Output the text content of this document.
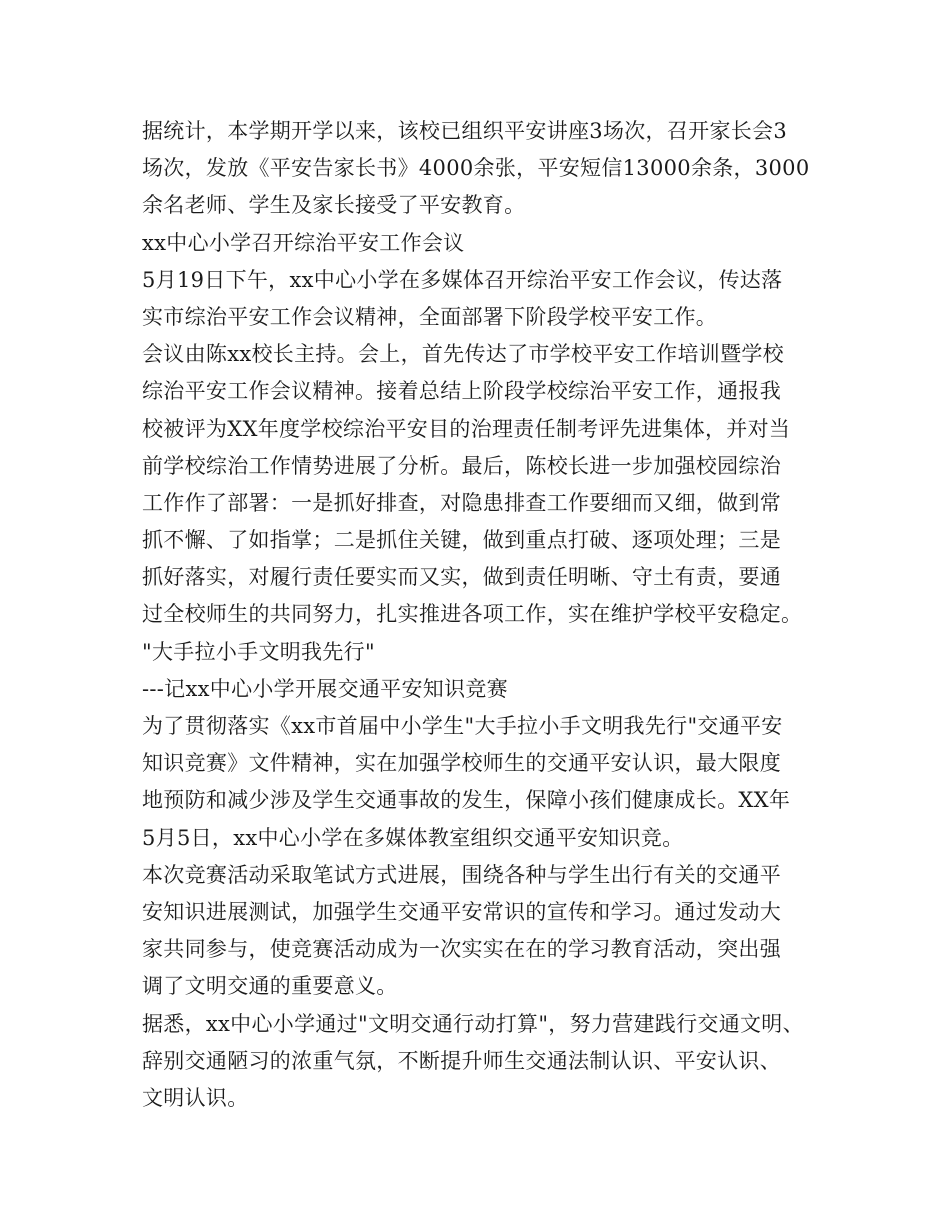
据统计，本学期开学以来，该校已组织平安讲座3场次，召开家长会3
场次，发放《平安告家长书》4000余张，平安短信13000余条，3000
余名老师、学生及家长接受了平安教育。
xx中心小学召开综治平安工作会议
5月19日下午，xx中心小学在多媒体召开综治平安工作会议，传达落
实市综治平安工作会议精神，全面部署下阶段学校平安工作。
会议由陈xx校长主持。会上，首先传达了市学校平安工作培训暨学校
综治平安工作会议精神。接着总结上阶段学校综治平安工作，通报我
校被评为XX年度学校综治平安目的治理责任制考评先进集体，并对当
前学校综治工作情势进展了分析。最后，陈校长进一步加强校园综治
工作作了部署：一是抓好排查，对隐患排查工作要细而又细，做到常
抓不懈、了如指掌；二是抓住关键，做到重点打破、逐项处理；三是
抓好落实，对履行责任要实而又实，做到责任明晰、守土有责，要通
过全校师生的共同努力，扎实推进各项工作，实在维护学校平安稳定。
"大手拉小手文明我先行"
---记xx中心小学开展交通平安知识竞赛
为了贯彻落实《xx市首届中小学生"大手拉小手文明我先行"交通平安
知识竞赛》文件精神，实在加强学校师生的交通平安认识，最大限度
地预防和减少涉及学生交通事故的发生，保障小孩们健康成长。XX年
5月5日，xx中心小学在多媒体教室组织交通平安知识竞。
本次竞赛活动采取笔试方式进展，围绕各种与学生出行有关的交通平
安知识进展测试，加强学生交通平安常识的宣传和学习。通过发动大
家共同参与，使竞赛活动成为一次实实在在的学习教育活动，突出强
调了文明交通的重要意义。
据悉，xx中心小学通过"文明交通行动打算"，努力营建践行交通文明、
辞别交通陋习的浓重气氛，不断提升师生交通法制认识、平安认识、
文明认识。
